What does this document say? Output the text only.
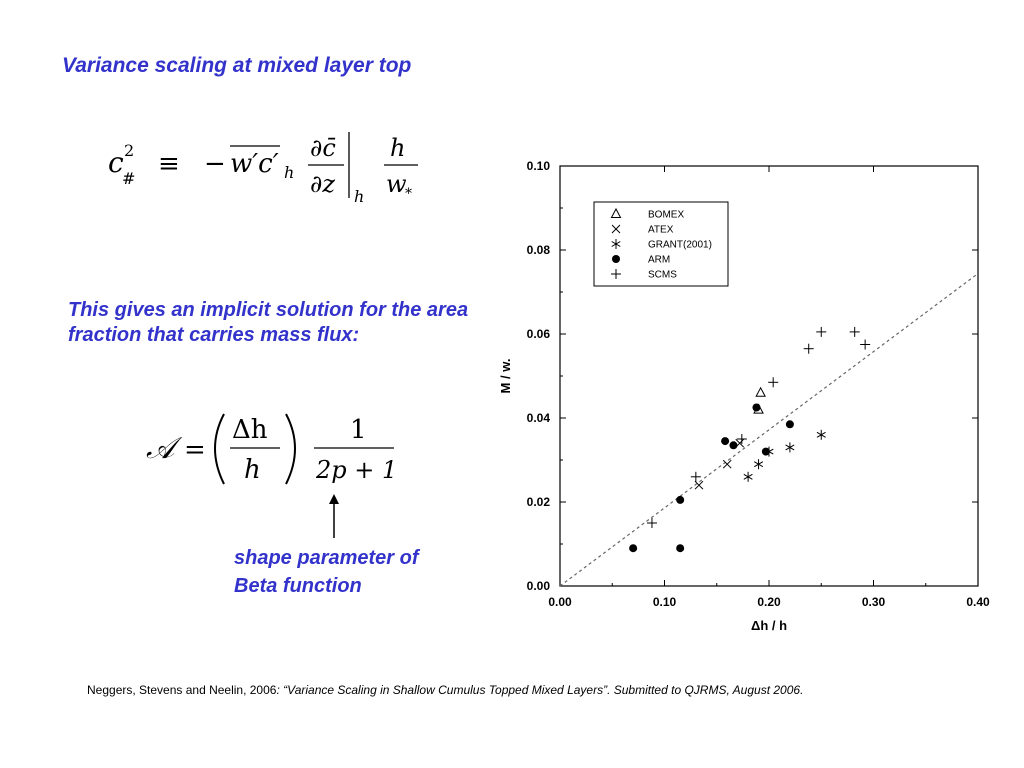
Variance scaling at mixed layer top
c 2
# ≡ − w′c′ h
∂c̄
∂z h
h
w
*
This gives an implicit solution for the area fraction that carries mass flux:
𝒜 =
Δh
h
1
2p + 1
shape parameter of
Beta function
0.00	0.10	0.20	0.30	0.40
0.00
0.02
0.04
0.06
0.08
0.10
Δh / h
M / w.
BOMEX
ATEX
GRANT(2001)
ARM
SCMS
Neggers, Stevens and Neelin, 2006: “Variance Scaling in Shallow Cumulus Topped Mixed Layers”. Submitted to QJRMS, August 2006.
